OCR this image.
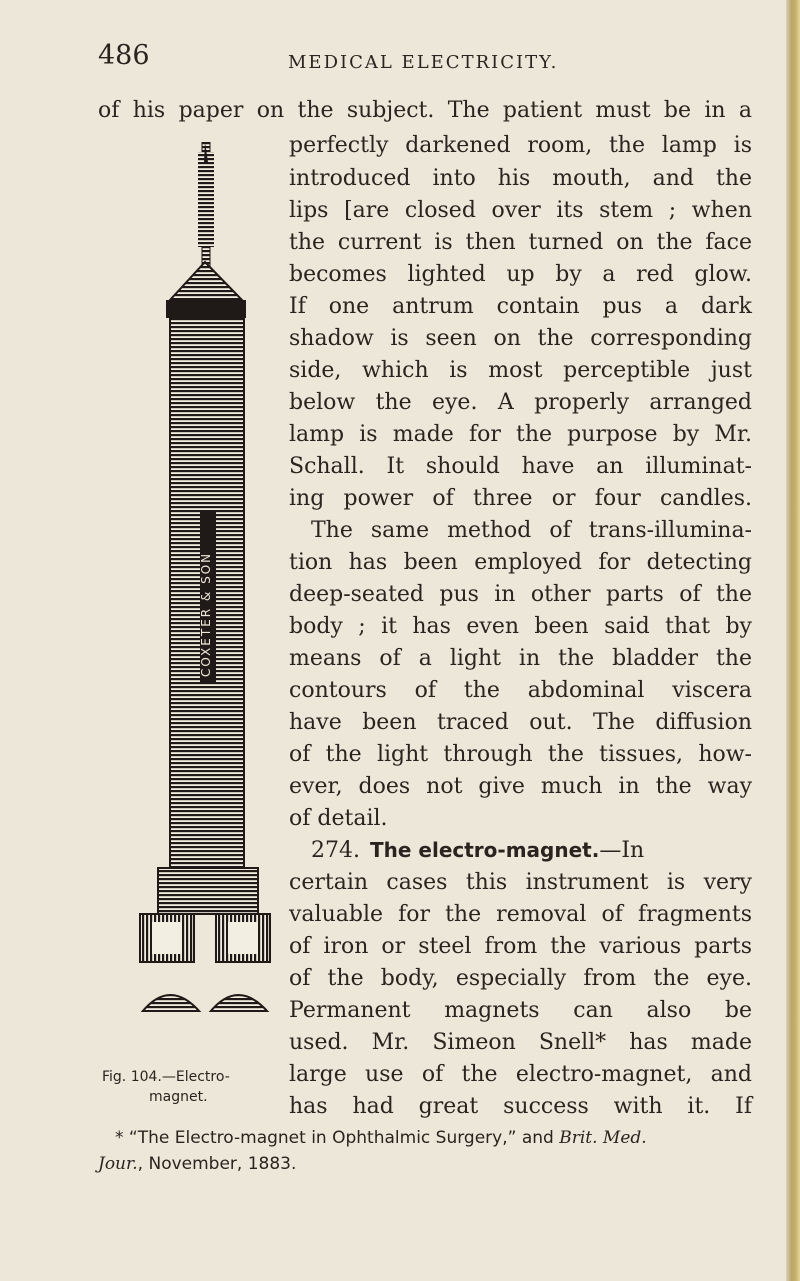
486	MEDICAL ELECTRICITY.
of his paper on the subject. The patient must be in a
perfectly darkened room, the lamp is
introduced into his mouth, and the
lips [are closed over its stem ; when
the current is then turned on the face
becomes lighted up by a red glow.
If one antrum contain pus a dark
shadow is seen on the corresponding
side, which is most perceptible just
below the eye. A properly arranged
lamp is made for the purpose by Mr.
Schall. It should have an illuminat-
ing power of three or four candles.
The same method of trans-illumina-
tion has been employed for detecting
deep-seated pus in other parts of the
body ; it has even been said that by
means of a light in the bladder the
contours of the abdominal viscera
have been traced out. The diffusion
of the light through the tissues, how-
ever, does not give much in the way
of detail.
274. The electro-magnet.—In
certain cases this instrument is very
valuable for the removal of fragments
of iron or steel from the various parts
of the body, especially from the eye.
Permanent magnets can also be
used. Mr. Simeon Snell* has made
large use of the electro-magnet, and
has had great success with it. If
COXETER & SON
Fig. 104.—Electro-
magnet.
* “The Electro-magnet in Ophthalmic Surgery,” and Brit. Med.
Jour., November, 1883.
